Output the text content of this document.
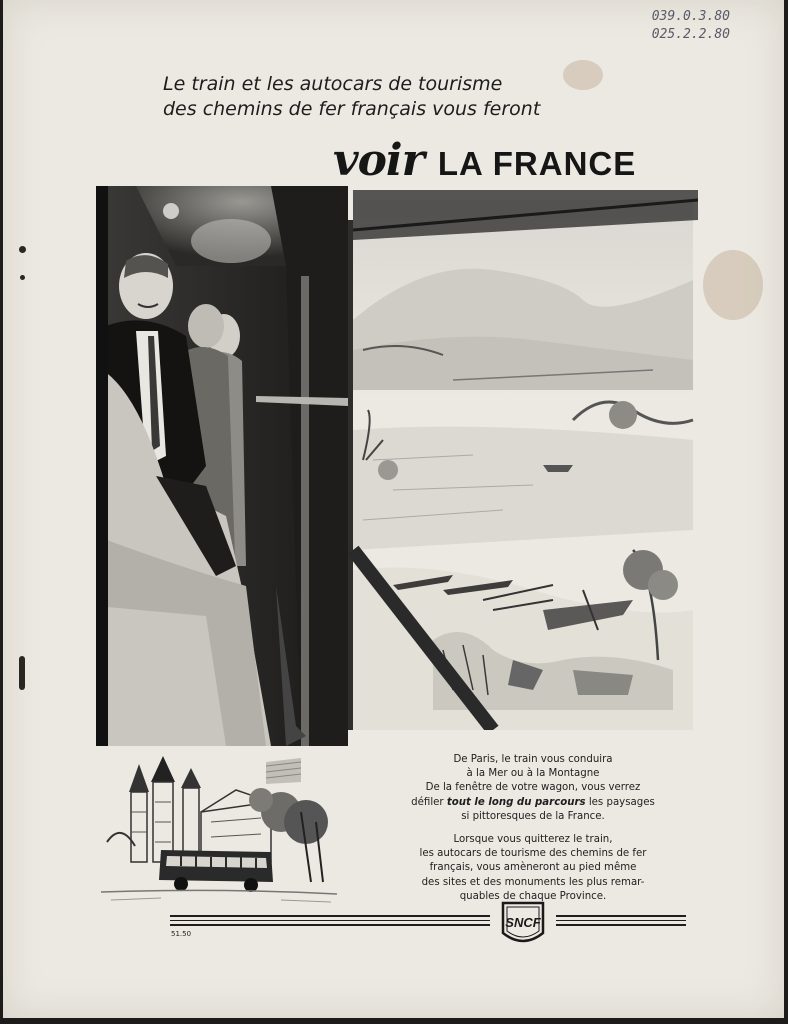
039.0.3.80
025.2.2.80
Le train et les autocars de tourisme
des chemins de fer français vous feront
voir LA FRANCE

De Paris, le train vous conduira
à la Mer ou à la Montagne
De la fenêtre de votre wagon, vous verrez
défiler tout le long du parcours les paysages
si pittoresques de la France.

Lorsque vous quitterez le train,
les autocars de tourisme des chemins de fer
français, vous amèneront au pied même
des sites et des monuments les plus remar-
quables de chaque Province.

51.50
SNCF
